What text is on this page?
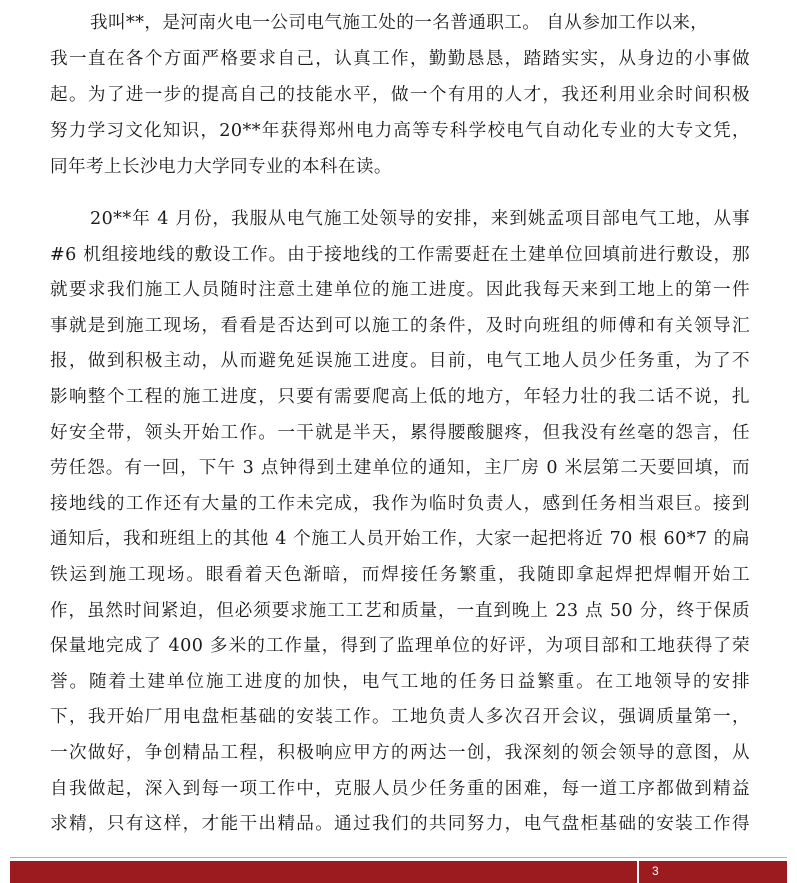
我叫**，是河南火电一公司电气施工处的一名普通职工。 自从参加工作以来，
我一直在各个方面严格要求自己，认真工作，勤勤恳恳，踏踏实实，从身边的小事做
起。为了进一步的提高自己的技能水平，做一个有用的人才，我还利用业余时间积极
努力学习文化知识，20**年获得郑州电力高等专科学校电气自动化专业的大专文凭，
同年考上长沙电力大学同专业的本科在读。
20**年 4 月份，我服从电气施工处领导的安排，来到姚孟项目部电气工地，从事
#6 机组接地线的敷设工作。由于接地线的工作需要赶在土建单位回填前进行敷设，那
就要求我们施工人员随时注意土建单位的施工进度。因此我每天来到工地上的第一件
事就是到施工现场，看看是否达到可以施工的条件，及时向班组的师傅和有关领导汇
报，做到积极主动，从而避免延误施工进度。目前，电气工地人员少任务重，为了不
影响整个工程的施工进度，只要有需要爬高上低的地方，年轻力壮的我二话不说，扎
好安全带，领头开始工作。一干就是半天，累得腰酸腿疼，但我没有丝毫的怨言，任
劳任怨。有一回，下午 3 点钟得到土建单位的通知，主厂房 0 米层第二天要回填，而
接地线的工作还有大量的工作未完成，我作为临时负责人，感到任务相当艰巨。接到
通知后，我和班组上的其他 4 个施工人员开始工作，大家一起把将近 70 根 60*7 的扁
铁运到施工现场。眼看着天色渐暗，而焊接任务繁重，我随即拿起焊把焊帽开始工
作，虽然时间紧迫，但必须要求施工工艺和质量，一直到晚上 23 点 50 分，终于保质
保量地完成了 400 多米的工作量，得到了监理单位的好评，为项目部和工地获得了荣
誉。随着土建单位施工进度的加快，电气工地的任务日益繁重。在工地领导的安排
下，我开始厂用电盘柜基础的安装工作。工地负责人多次召开会议，强调质量第一，
一次做好，争创精品工程，积极响应甲方的两达一创，我深刻的领会领导的意图，从
自我做起，深入到每一项工作中，克服人员少任务重的困难，每一道工序都做到精益
求精，只有这样，才能干出精品。通过我们的共同努力，电气盘柜基础的安装工作得
3
